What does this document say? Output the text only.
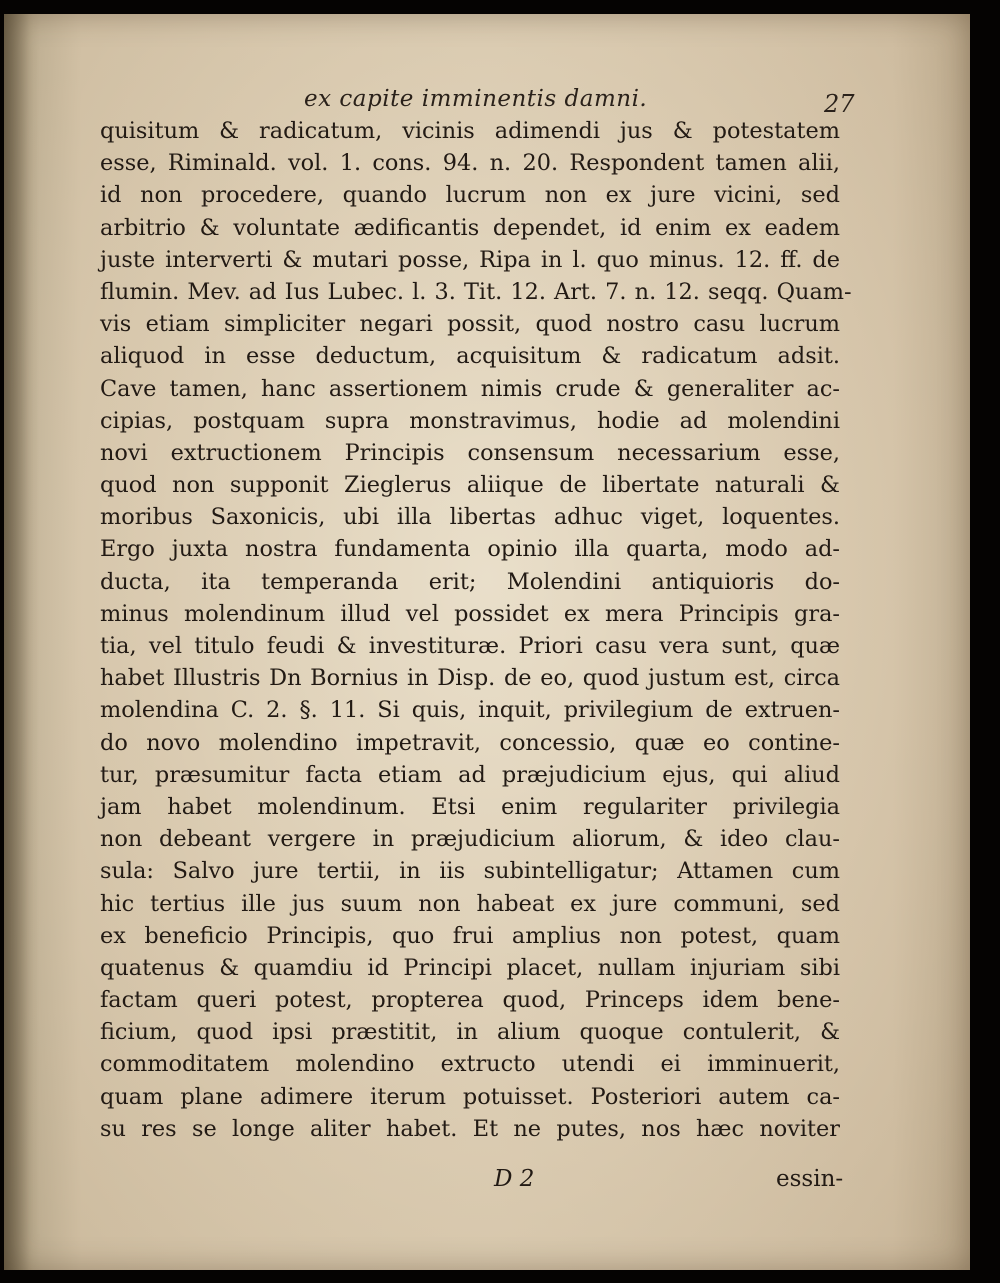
ex capite imminentis damni.	27
quisitum & radicatum, vicinis adimendi jus & potestatem
esse, Riminald. vol. 1. cons. 94. n. 20. Respondent tamen alii,
id non procedere, quando lucrum non ex jure vicini, sed
arbitrio & voluntate ædificantis dependet, id enim ex eadem
juste interverti & mutari posse, Ripa in l. quo minus. 12. ff. de
flumin. Mev. ad Ius Lubec. l. 3. Tit. 12. Art. 7. n. 12. seqq. Quam-
vis etiam simpliciter negari possit, quod nostro casu lucrum
aliquod in esse deductum, acquisitum & radicatum adsit.
Cave tamen, hanc assertionem nimis crude & generaliter ac-
cipias, postquam supra monstravimus, hodie ad molendini
novi extructionem Principis consensum necessarium esse,
quod non supponit Zieglerus aliique de libertate naturali &
moribus Saxonicis, ubi illa libertas adhuc viget, loquentes.
Ergo juxta nostra fundamenta opinio illa quarta, modo ad-
ducta, ita temperanda erit; Molendini antiquioris do-
minus molendinum illud vel possidet ex mera Principis gra-
tia, vel titulo feudi & investituræ. Priori casu vera sunt, quæ
habet Illustris Dn Bornius in Disp. de eo, quod justum est, circa
molendina C. 2. §. 11. Si quis, inquit, privilegium de extruen-
do novo molendino impetravit, concessio, quæ eo contine-
tur, præsumitur facta etiam ad præjudicium ejus, qui aliud
jam habet molendinum. Etsi enim regulariter privilegia
non debeant vergere in præjudicium aliorum, & ideo clau-
sula: Salvo jure tertii, in iis subintelligatur; Attamen cum
hic tertius ille jus suum non habeat ex jure communi, sed
ex beneficio Principis, quo frui amplius non potest, quam
quatenus & quamdiu id Principi placet, nullam injuriam sibi
factam queri potest, propterea quod, Princeps idem bene-
ficium, quod ipsi præstitit, in alium quoque contulerit, &
commoditatem molendino extructo utendi ei imminuerit,
quam plane adimere iterum potuisset. Posteriori autem ca-
su res se longe aliter habet. Et ne putes, nos hæc noviter
D 2	essin-
